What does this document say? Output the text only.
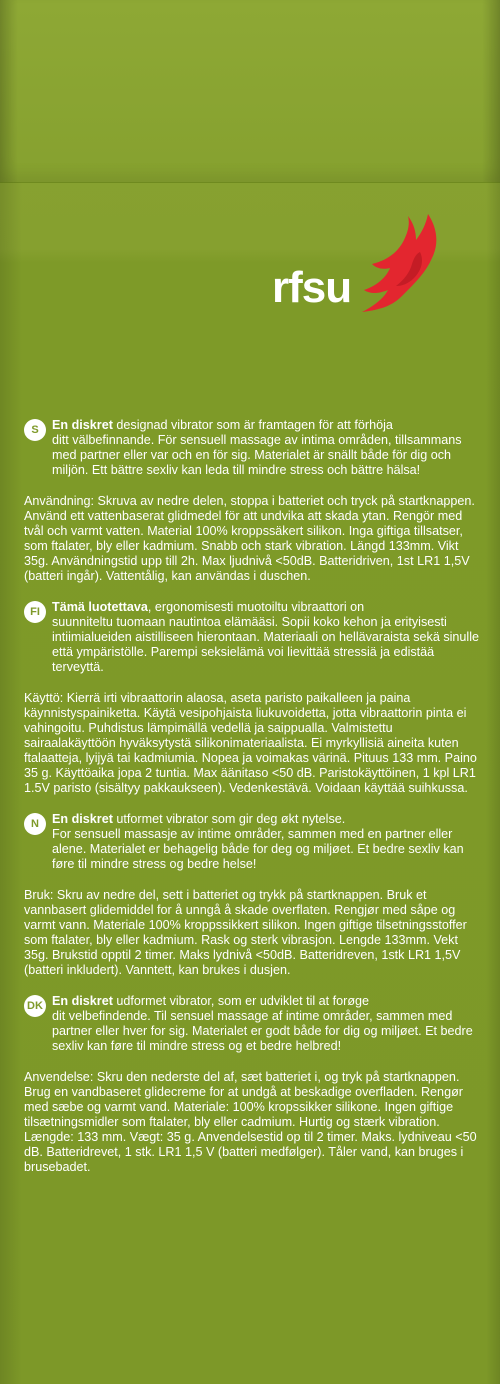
rfsu
S	En diskret designad vibrator som är framtagen för att förhöja

ditt välbefinnande. För sensuell massage av intima områden, tillsammans med partner eller var och en för sig. Materialet är snällt både för dig och miljön. Ett bättre sexliv kan leda till mindre stress och bättre hälsa!

Användning: Skruva av nedre delen, stoppa i batteriet och tryck på startknappen. Använd ett vattenbaserat glidmedel för att undvika att skada ytan. Rengör med tvål och varmt vatten. Material 100% kroppssäkert silikon. Inga giftiga tillsatser, som ftalater, bly eller kadmium. Snabb och stark vibration. Längd 133mm. Vikt 35g. Användningstid upp till 2h. Max ljudnivå <50dB. Batteridriven, 1st LR1 1,5V (batteri ingår). Vattentålig, kan användas i duschen.

FI Tämä luotettava, ergonomisesti muotoiltu vibraattori on

suunniteltu tuomaan nautintoa elämääsi. Sopii koko kehon ja erityisesti intiimialueiden aistilliseen hierontaan. Materiaali on hellävaraista sekä sinulle että ympäristölle. Parempi seksielämä voi lievittää stressiä ja edistää terveyttä.

Käyttö: Kierrä irti vibraattorin alaosa, aseta paristo paikalleen ja paina käynnistyspainiketta. Käytä vesipohjaista liukuvoidetta, jotta vibraattorin pinta ei vahingoitu. Puhdistus lämpimällä vedellä ja saippualla. Valmistettu sairaalakäyttöön hyväksytystä silikonimateriaalista. Ei myrkyllisiä aineita kuten ftalaatteja, lyijyä tai kadmiumia. Nopea ja voimakas värinä. Pituus 133 mm. Paino 35 g. Käyttöaika jopa 2 tuntia. Max äänitaso <50 dB. Paristokäyttöinen, 1 kpl LR1 1.5V paristo (sisältyy pakkaukseen). Vedenkestävä. Voidaan käyttää suihkussa.

N	En diskret utformet vibrator som gir deg økt nytelse.

For sensuell massasje av intime områder, sammen med en partner eller alene. Materialet er behagelig både for deg og miljøet. Et bedre sexliv kan føre til mindre stress og bedre helse!

Bruk: Skru av nedre del, sett i batteriet og trykk på startknappen. Bruk et vannbasert glidemiddel for å unngå å skade overflaten. Rengjør med såpe og varmt vann. Materiale 100% kroppssikkert silikon. Ingen giftige tilsetningsstoffer som ftalater, bly eller kadmium. Rask og sterk vibrasjon. Lengde 133mm. Vekt 35g. Brukstid opptil 2 timer. Maks lydnivå <50dB. Batteridreven, 1stk LR1 1,5V (batteri inkludert). Vanntett, kan brukes i dusjen.

DK En diskret udformet vibrator, som er udviklet til at forøge

dit velbefindende. Til sensuel massage af intime områder, sammen med partner eller hver for sig. Materialet er godt både for dig og miljøet. Et bedre sexliv kan føre til mindre stress og et bedre helbred!

Anvendelse: Skru den nederste del af, sæt batteriet i, og tryk på startknappen. Brug en vandbaseret glidecreme for at undgå at beskadige overfladen. Rengør med sæbe og varmt vand. Materiale: 100% kropssikker silikone. Ingen giftige tilsætningsmidler som ftalater, bly eller cadmium. Hurtig og stærk vibration. Længde: 133 mm. Vægt: 35 g. Anvendelsestid op til 2 timer. Maks. lydniveau <50 dB. Batteridrevet, 1 stk. LR1 1,5 V (batteri medfølger). Tåler vand, kan bruges i brusebadet.
